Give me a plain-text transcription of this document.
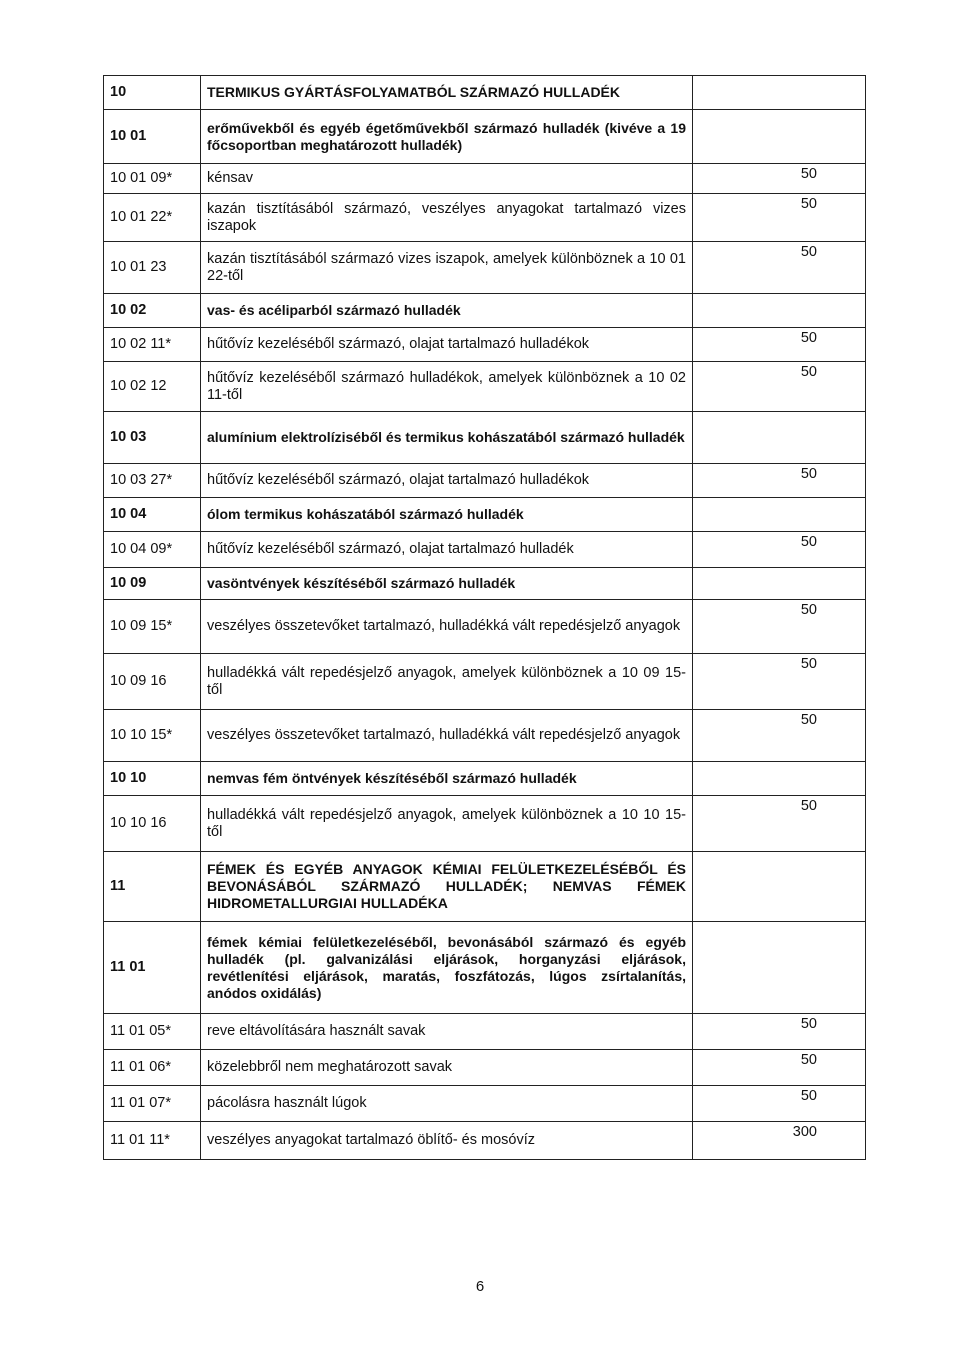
10	TERMIKUS GYÁRTÁSFOLYAMATBÓL SZÁRMAZÓ HULLADÉK	
10 01	erőművekből és egyéb égetőművekből származó hulladék (kivéve a 19 főcsoportban meghatározott hulladék)	
10 01 09*	kénsav	50
10 01 22*	kazán tisztításából származó, veszélyes anyagokat tartalmazó vizes iszapok	50
10 01 23	kazán tisztításából származó vizes iszapok, amelyek különböznek a 10 01 22-től	50
10 02	vas- és acéliparból származó hulladék	
10 02 11*	hűtővíz kezeléséből származó, olajat tartalmazó hulladékok	50
10 02 12	hűtővíz kezeléséből származó hulladékok, amelyek különböznek a 10 02 11-től	50
10 03	alumínium elektrolíziséből és termikus kohászatából származó hulladék	
10 03 27*	hűtővíz kezeléséből származó, olajat tartalmazó hulladékok	50
10 04	ólom termikus kohászatából származó hulladék	
10 04 09*	hűtővíz kezeléséből származó, olajat tartalmazó hulladék	50
10 09	vasöntvények készítéséből származó hulladék	
10 09 15*	veszélyes összetevőket tartalmazó, hulladékká vált repedésjelző anyagok	50
10 09 16	hulladékká vált repedésjelző anyagok, amelyek különböznek a 10 09 15-től	50
10 10 15*	veszélyes összetevőket tartalmazó, hulladékká vált repedésjelző anyagok	50
10 10	nemvas fém öntvények készítéséből származó hulladék	
10 10 16	hulladékká vált repedésjelző anyagok, amelyek különböznek a 10 10 15-től	50
11	FÉMEK ÉS EGYÉB ANYAGOK KÉMIAI FELÜLETKEZELÉSÉBŐL ÉS BEVONÁSÁBÓL SZÁRMAZÓ HULLADÉK; NEMVAS FÉMEK HIDROMETALLURGIAI HULLADÉKA	
11 01	fémek kémiai felületkezeléséből, bevonásából származó és egyéb hulladék (pl. galvanizálási eljárások, horganyzási eljárások, revétlenítési eljárások, maratás, foszfátozás, lúgos zsírtalanítás, anódos oxidálás)	
11 01 05*	reve eltávolítására használt savak	50
11 01 06*	közelebbről nem meghatározott savak	50
11 01 07*	pácolásra használt lúgok	50
11 01 11*	veszélyes anyagokat tartalmazó öblítő- és mosóvíz	300
6
